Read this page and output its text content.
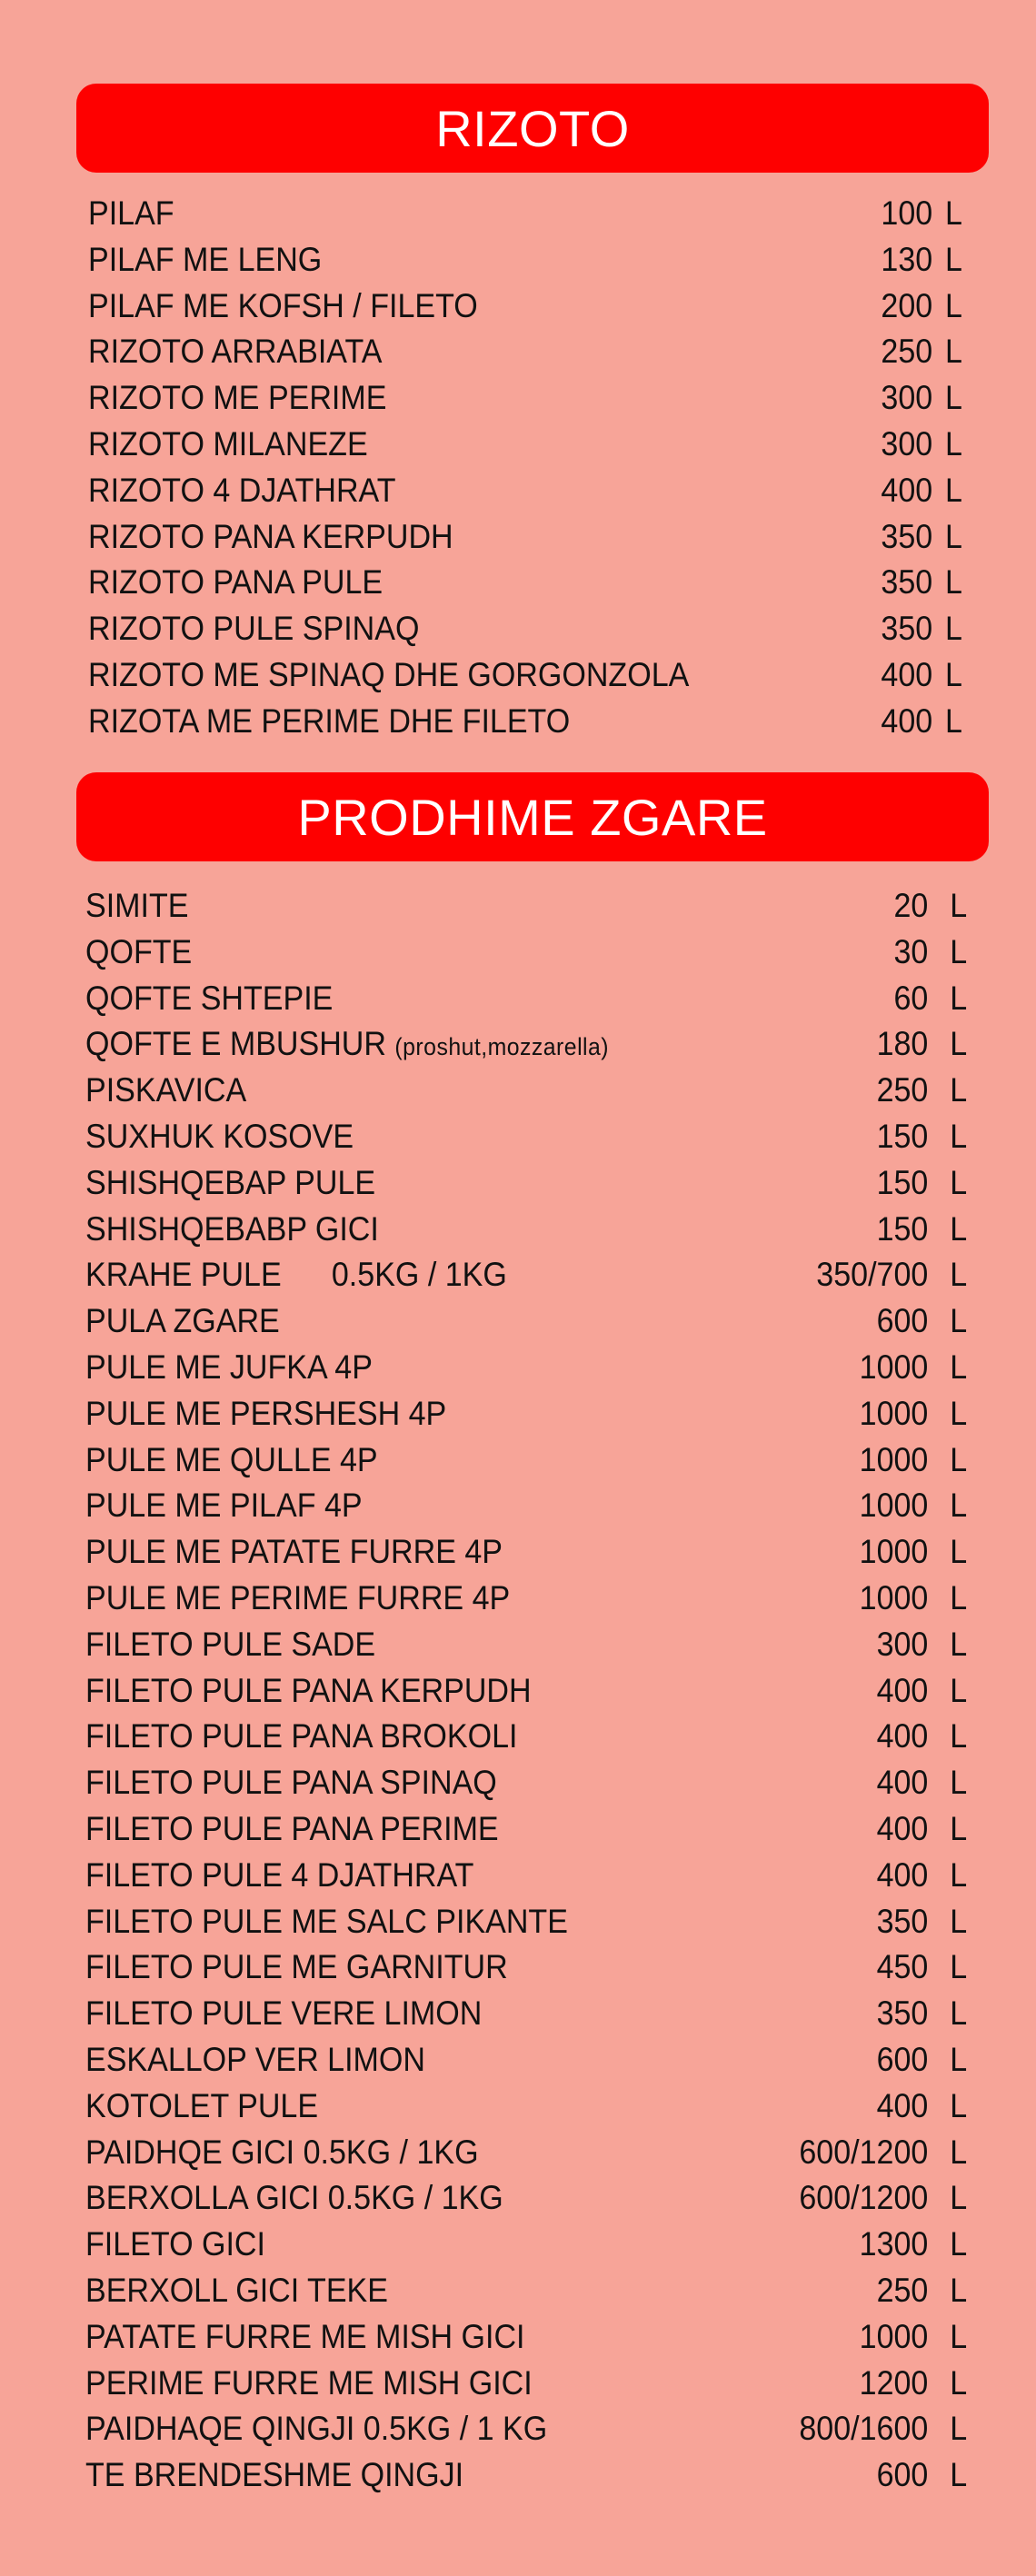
RIZOTO
PILAF	100 L
PILAF ME LENG	130 L
PILAF ME KOFSH / FILETO	200 L
RIZOTO ARRABIATA	250 L
RIZOTO ME PERIME	300 L
RIZOTO MILANEZE	300 L
RIZOTO 4 DJATHRAT	400 L
RIZOTO PANA KERPUDH	350 L
RIZOTO PANA PULE	350 L
RIZOTO PULE SPINAQ	350 L
RIZOTO ME SPINAQ DHE GORGONZOLA	400 L
RIZOTA ME PERIME DHE FILETO	400 L
PRODHIME ZGARE
SIMITE	20 L
QOFTE	30 L
QOFTE SHTEPIE	60 L
QOFTE E MBUSHUR (proshut,mozzarella)	180 L
PISKAVICA	250 L
SUXHUK KOSOVE	150 L
SHISHQEBAP PULE	150 L
SHISHQEBABP GICI	150 L
KRAHE PULE 0.5KG / 1KG	350/700 L
PULA ZGARE	600 L
PULE ME JUFKA 4P	1000 L
PULE ME PERSHESH 4P	1000 L
PULE ME QULLE 4P	1000 L
PULE ME PILAF 4P	1000 L
PULE ME PATATE FURRE 4P	1000 L
PULE ME PERIME FURRE 4P	1000 L
FILETO PULE SADE	300 L
FILETO PULE PANA KERPUDH	400 L
FILETO PULE PANA BROKOLI	400 L
FILETO PULE PANA SPINAQ	400 L
FILETO PULE PANA PERIME	400 L
FILETO PULE 4 DJATHRAT	400 L
FILETO PULE ME SALC PIKANTE	350 L
FILETO PULE ME GARNITUR	450 L
FILETO PULE VERE LIMON	350 L
ESKALLOP VER LIMON	600 L
KOTOLET PULE	400 L
PAIDHQE GICI 0.5KG / 1KG	600/1200 L
BERXOLLA GICI 0.5KG / 1KG	600/1200 L
FILETO GICI	1300 L
BERXOLL GICI TEKE	250 L
PATATE FURRE ME MISH GICI	1000 L
PERIME FURRE ME MISH GICI	1200 L
PAIDHAQE QINGJI 0.5KG / 1 KG	800/1600 L
TE BRENDESHME QINGJI	600 L
